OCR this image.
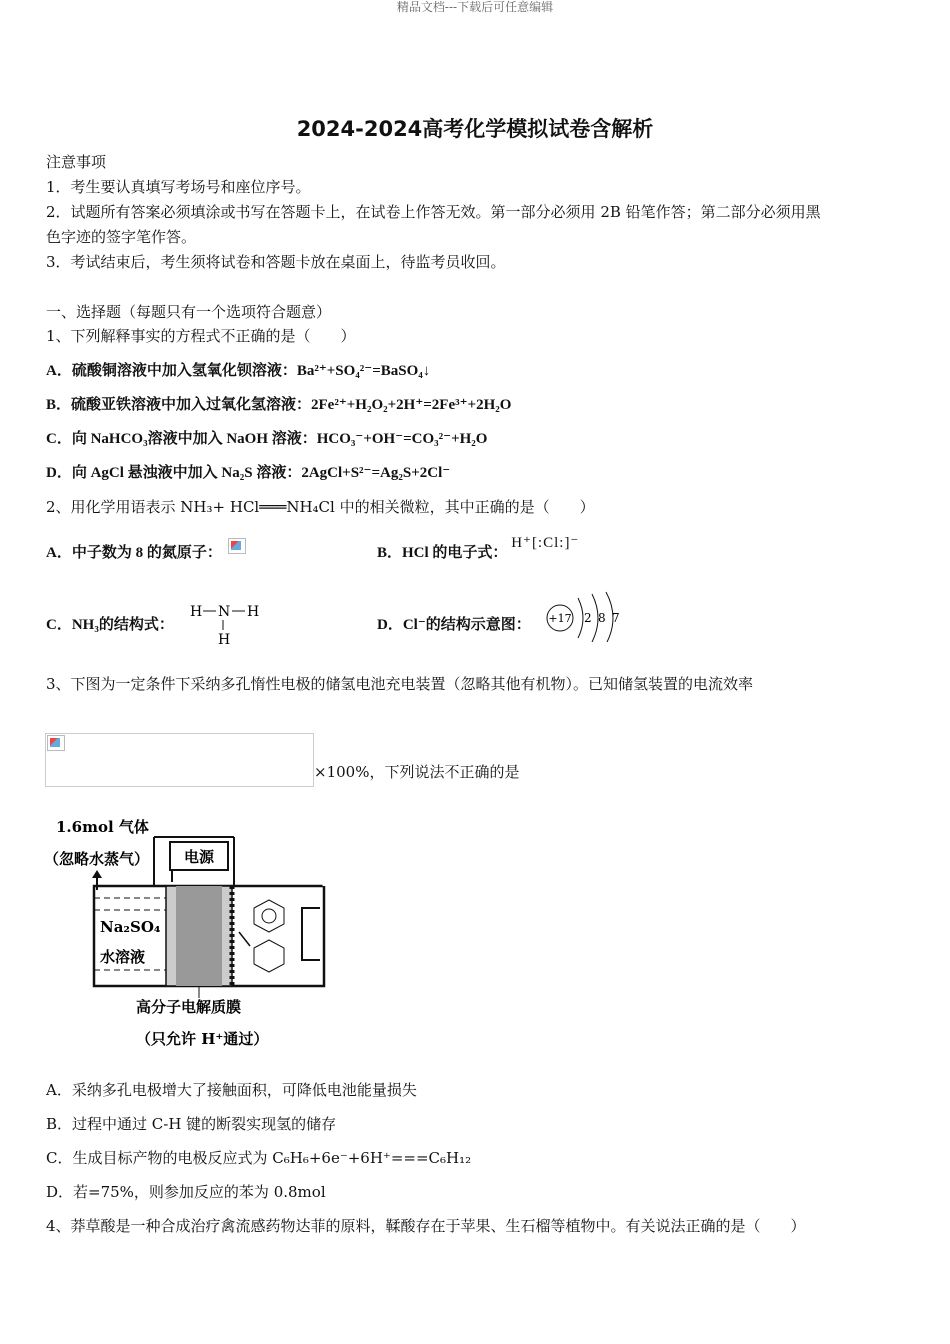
精品文档---下载后可任意编辑
2024-2024高考化学模拟试卷含解析
注意事项
1．考生要认真填写考场号和座位序号。
2．试题所有答案必须填涂或书写在答题卡上，在试卷上作答无效。第一部分必须用 2B 铅笔作答；第二部分必须用黑
色字迹的签字笔作答。
3．考试结束后，考生须将试卷和答题卡放在桌面上，待监考员收回。
一、选择题（每题只有一个选项符合题意）
1、下列解释事实的方程式不正确的是（　　）
A．硫酸铜溶液中加入氢氧化钡溶液：Ba²⁺+SO₄²⁻=BaSO₄↓
B．硫酸亚铁溶液中加入过氧化氢溶液：2Fe²⁺+H₂O₂+2H⁺=2Fe³⁺+2H₂O
C．向 NaHCO₃溶液中加入 NaOH 溶液：HCO₃⁻+OH⁻=CO₃²⁻+H₂O
D．向 AgCl 悬浊液中加入 Na₂S 溶液：2AgCl+S²⁻=Ag₂S+2Cl⁻
2、用化学用语表示 NH₃+ HCl═══NH₄Cl 中的相关微粒，其中正确的是（　　）
A．中子数为 8 的氮原子：	B．HCl 的电子式： H⁺[:Cl:]⁻
C．NH₃的结构式：
H N H
H
D．Cl⁻的结构示意图： +17 2 8 7
3、下图为一定条件下采纳多孔惰性电极的储氢电池充电装置（忽略其他有机物）。已知储氢装置的电流效率
×100%，下列说法不正确的是
1.6mol 气体
（忽略水蒸气） 电源
Na₂SO₄
水溶液
高分子电解质膜
（只允许 H⁺通过）
A．采纳多孔电极增大了接触面积，可降低电池能量损失
B．过程中通过 C-H 键的断裂实现氢的储存
C．生成目标产物的电极反应式为 C₆H₆+6e⁻+6H⁺===C₆H₁₂
D．若=75%，则参加反应的苯为 0.8mol
4、莽草酸是一种合成治疗禽流感药物达菲的原料，鞣酸存在于苹果、生石榴等植物中。有关说法正确的是（　　）
